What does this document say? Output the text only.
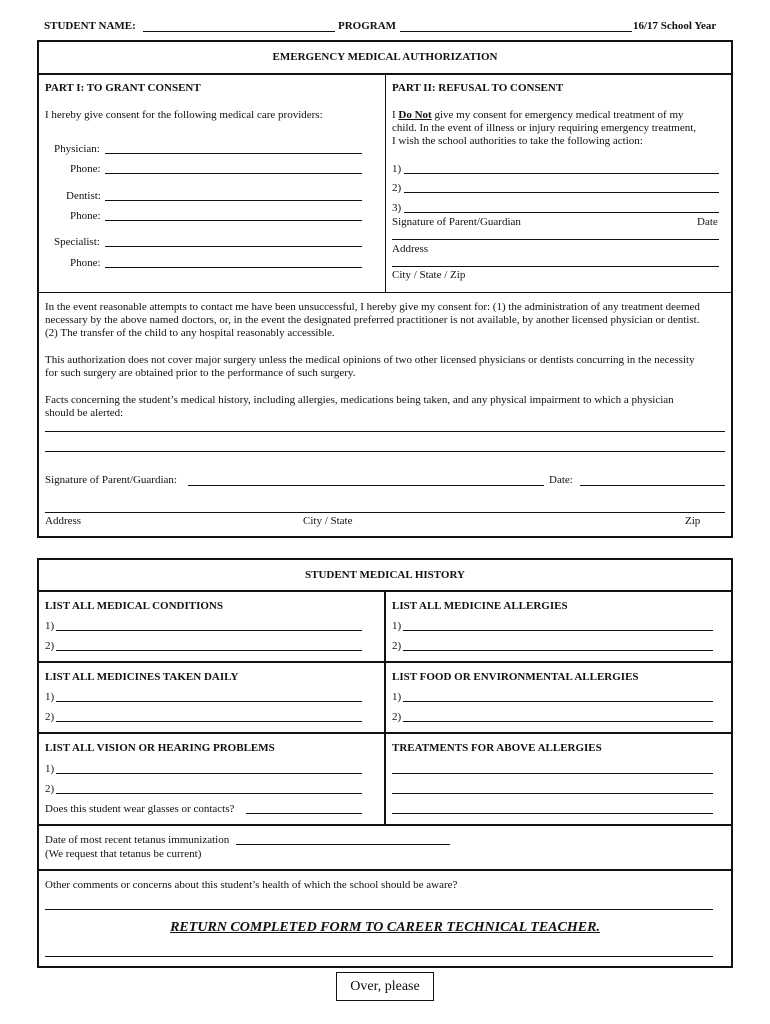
STUDENT NAME:	PROGRAM	16/17 School Year
EMERGENCY MEDICAL AUTHORIZATION
PART I: TO GRANT CONSENT
I hereby give consent for the following medical care providers:
Physician:
Phone:
Dentist:
Phone:
Specialist:
Phone:
PART II: REFUSAL TO CONSENT
I Do Not give my consent for emergency medical treatment of my
child. In the event of illness or injury requiring emergency treatment,
I wish the school authorities to take the following action:
1)
2)
3)
Signature of Parent/Guardian	Date
Address
City / State / Zip
In the event reasonable attempts to contact me have been unsuccessful, I hereby give my consent for: (1) the administration of any treatment deemed
necessary by the above named doctors, or, in the event the designated preferred practitioner is not available, by another licensed physician or dentist.
(2) The transfer of the child to any hospital reasonably accessible.
This authorization does not cover major surgery unless the medical opinions of two other licensed physicians or dentists concurring in the necessity
for such surgery are obtained prior to the performance of such surgery.
Facts concerning the student’s medical history, including allergies, medications being taken, and any physical impairment to which a physician
should be alerted:
Signature of Parent/Guardian:	Date:
Address	City / State	Zip
STUDENT MEDICAL HISTORY
LIST ALL MEDICAL CONDITIONS
1)
2)
LIST ALL MEDICINE ALLERGIES
1)
2)
LIST ALL MEDICINES TAKEN DAILY
1)
2)
LIST FOOD OR ENVIRONMENTAL ALLERGIES
1)
2)
LIST ALL VISION OR HEARING PROBLEMS
1)
2)
Does this student wear glasses or contacts?
TREATMENTS FOR ABOVE ALLERGIES
Date of most recent tetanus immunization
(We request that tetanus be current)
Other comments or concerns about this student’s health of which the school should be aware?
RETURN COMPLETED FORM TO CAREER TECHNICAL TEACHER.
Over, please
